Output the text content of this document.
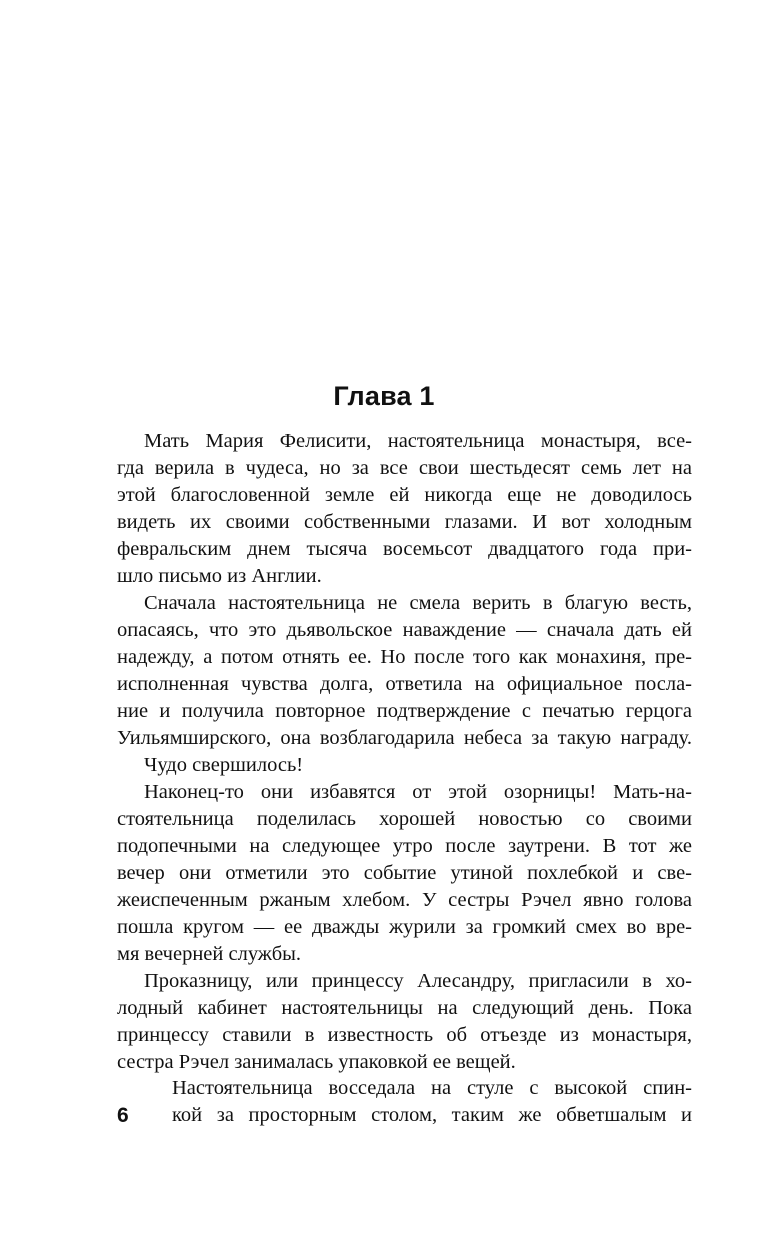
Глава 1
Мать Мария Фелисити, настоятельница монастыря, все-
гда верила в чудеса, но за все свои шестьдесят семь лет на
этой благословенной земле ей никогда еще не доводилось
видеть их своими собственными глазами. И вот холодным
февральским днем тысяча восемьсот двадцатого года при-
шло письмо из Англии.
Сначала настоятельница не смела верить в благую весть,
опасаясь, что это дьявольское наваждение — сначала дать ей
надежду, а потом отнять ее. Но после того как монахиня, пре-
исполненная чувства долга, ответила на официальное посла-
ние и получила повторное подтверждение с печатью герцога
Уильямширского, она возблагодарила небеса за такую награду.
Чудо свершилось!
Наконец-то они избавятся от этой озорницы! Мать-на-
стоятельница поделилась хорошей новостью со своими
подопечными на следующее утро после заутрени. В тот же
вечер они отметили это событие утиной похлебкой и све-
жеиспеченным ржаным хлебом. У сестры Рэчел явно голова
пошла кругом — ее дважды журили за громкий смех во вре-
мя вечерней службы.
Проказницу, или принцессу Алесандру, пригласили в хо-
лодный кабинет настоятельницы на следующий день. Пока
принцессу ставили в известность об отъезде из монастыря,
сестра Рэчел занималась упаковкой ее вещей.
Настоятельница восседала на стуле с высокой спин-
кой за просторным столом, таким же обветшалым и
6
